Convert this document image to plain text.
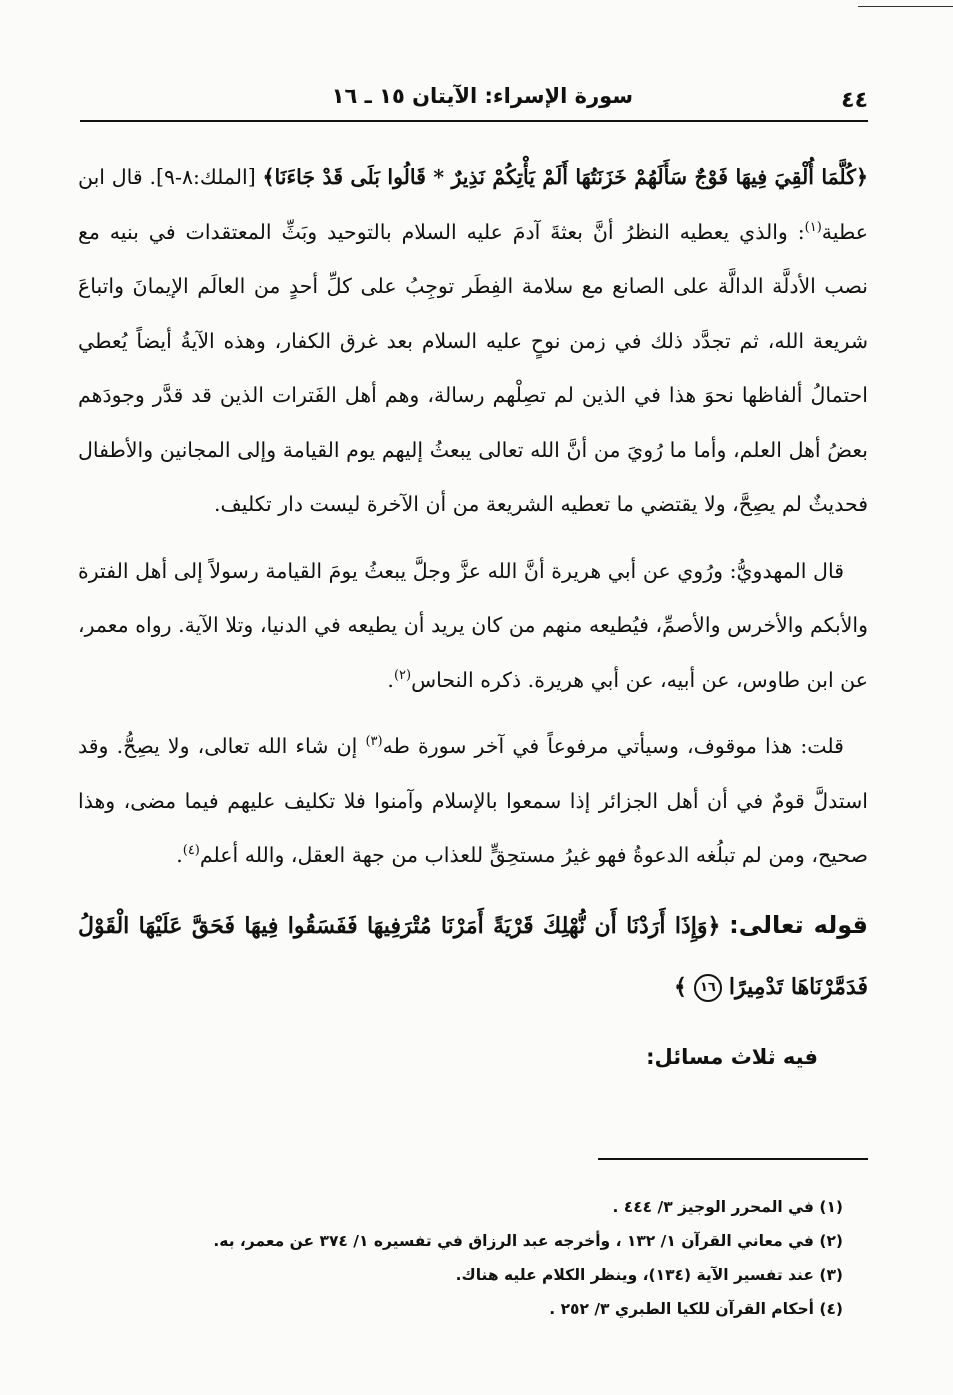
٤٤
سورة الإسراء: الآيتان ١٥ ـ ١٦

﴿كُلَّمَا أُلْقِيَ فِيهَا فَوْجٌ سَأَلَهُمْ خَزَنَتُهَا أَلَمْ يَأْتِكُمْ نَذِيرٌ * قَالُوا بَلَى قَدْ جَاءَنَا﴾ [الملك:٨-٩]. قال ابن عطية$^{(١)}$: والذي يعطيه النظرُ أنَّ بعثةَ آدمَ عليه السلام بالتوحيد وبَثِّ المعتقدات في بنيه مع نصب الأدلَّة الدالَّة على الصانع مع سلامة الفِطَر توجِبُ على كلِّ أحدٍ من العالَم الإيمانَ واتباعَ شريعة الله، ثم تجدَّد ذلك في زمن نوحٍ عليه السلام بعد غرق الكفار، وهذه الآيةُ أيضاً يُعطي احتمالُ ألفاظها نحوَ هذا في الذين لم تصِلْهم رسالة، وهم أهل الفَترات الذين قد قدَّر وجودَهم بعضُ أهل العلم، وأما ما رُويَ من أنَّ الله تعالى يبعثُ إليهم يوم القيامة وإلى المجانين والأطفال فحديثٌ لم يصِحَّ، ولا يقتضي ما تعطيه الشريعة من أن الآخرة ليست دار تكليف.

قال المهدويُّ: ورُوي عن أبي هريرة أنَّ الله عزَّ وجلَّ يبعثُ يومَ القيامة رسولاً إلى أهل الفترة والأبكم والأخرس والأصمِّ، فيُطيعه منهم من كان يريد أن يطيعه في الدنيا، وتلا الآية. رواه معمر، عن ابن طاوس، عن أبيه، عن أبي هريرة. ذكره النحاس$^{(٢)}$.

قلت: هذا موقوف، وسيأتي مرفوعاً في آخر سورة طه$^{(٣)}$ إن شاء الله تعالى، ولا يصِحُّ. وقد استدلَّ قومٌ في أن أهل الجزائر إذا سمعوا بالإسلام وآمنوا فلا تكليف عليهم فيما مضى، وهذا صحيح، ومن لم تبلُغه الدعوةُ فهو غيرُ مستحِقٍّ للعذاب من جهة العقل، والله أعلم$^{(٤)}$.

قوله تعالى: ﴿وَإِذَا أَرَدْنَا أَن نُّهْلِكَ قَرْيَةً أَمَرْنَا مُتْرَفِيهَا فَفَسَقُوا فِيهَا فَحَقَّ عَلَيْهَا الْقَوْلُ فَدَمَّرْنَاهَا تَدْمِيرًا ١٦ ﴾

فيه ثلاث مسائل:

(١) في المحرر الوجيز ٣/ ٤٤٤ .
(٢) في معاني القرآن ١/ ١٣٢ ، وأخرجه عبد الرزاق في تفسيره ١/ ٣٧٤ عن معمر، به.
(٣) عند تفسير الآية (١٣٤)، وينظر الكلام عليه هناك.
(٤) أحكام القرآن للكيا الطبري ٣/ ٢٥٢ .
